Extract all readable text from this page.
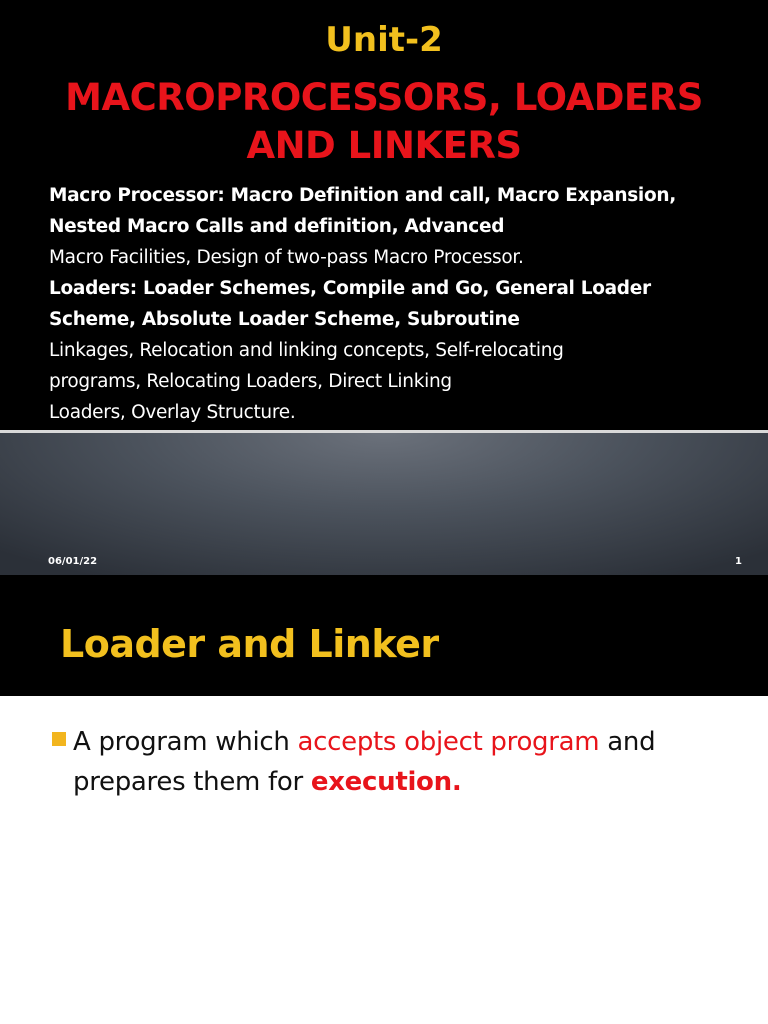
Unit-2
MACROPROCESSORS, LOADERS
AND LINKERS
Macro Processor: Macro Definition and call, Macro Expansion,
Nested Macro Calls and definition, Advanced
Macro Facilities, Design of two-pass Macro Processor.
Loaders: Loader Schemes, Compile and Go, General Loader
Scheme, Absolute Loader Scheme, Subroutine
Linkages, Relocation and linking concepts, Self-relocating
programs, Relocating Loaders, Direct Linking
Loaders, Overlay Structure.
06/01/22	1
Loader and Linker
A program which accepts object program and
prepares them for execution.
